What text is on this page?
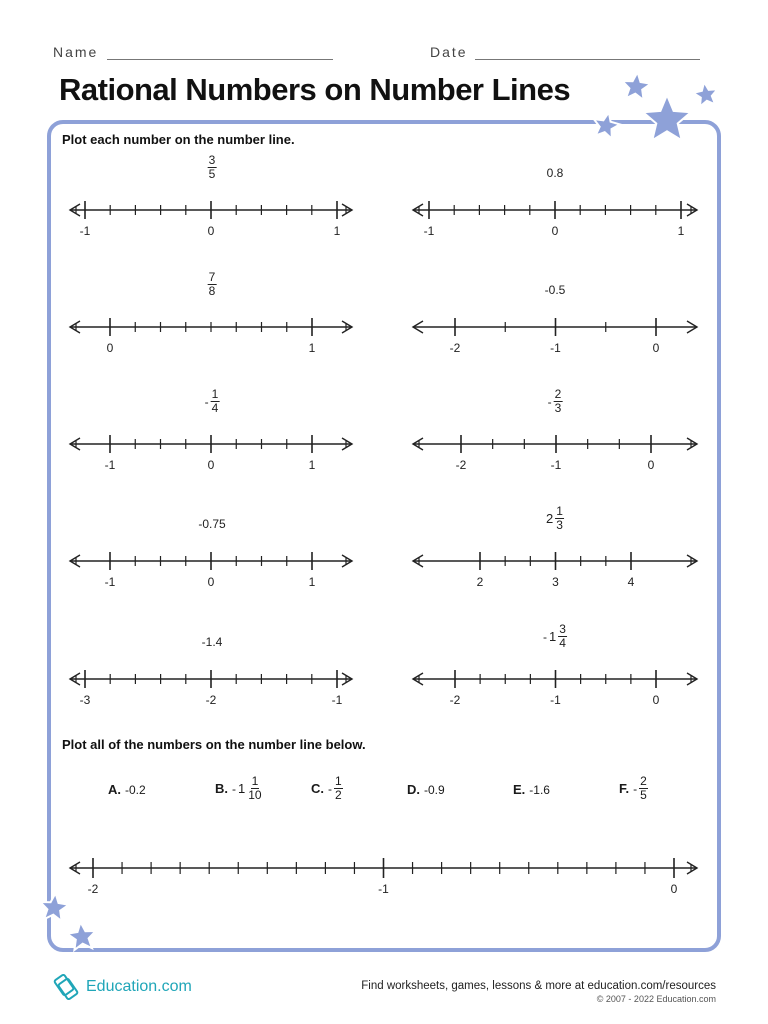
Name	Date
Rational Numbers on Number Lines
Plot each number on the number line.
-1	0	1
$\frac{3}{5}$
-1	0	1
0.8
0	1
$\frac{7}{8}$
-2	-1	0
-0.5
-1	0	1
- $\frac{1}{4}$
-2	-1	0
- $\frac{2}{3}$
-1	0	1
-0.75
2	3	4
$2 \frac{1}{3}$
-3	-2	-1
-1.4
-2	-1	0
- $1 \frac{3}{4}$
-2	-1	0
Plot all of the numbers on the number line below.
A. -0.2	B. - $1 \frac{1}{10}$	C. - $\frac{1}{2}$	D. -0.9	E. -1.6	F. - $\frac{2}{5}$
Education.com	Find worksheets, games, lessons & more at education.com/resources
© 2007 - 2022 Education.com
